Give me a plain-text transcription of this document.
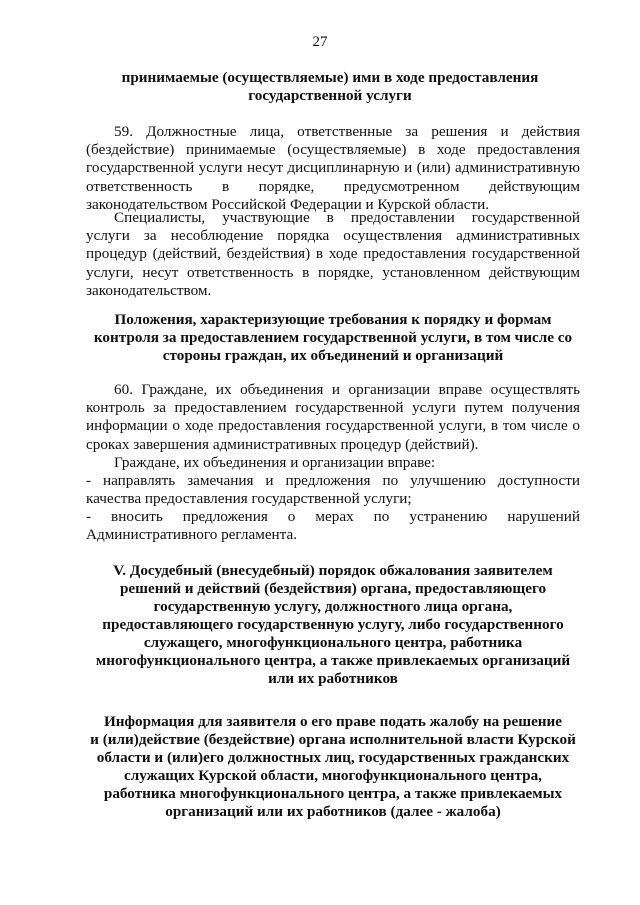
27
принимаемые (осуществляемые) ими в ходе предоставления
государственной услуги
59. Должностные лица, ответственные за решения и действия
(бездействие) принимаемые (осуществляемые) в ходе предоставления
государственной услуги несут дисциплинарную и (или) административную
ответственность в порядке, предусмотренном действующим
законодательством Российской Федерации и Курской области.
Специалисты, участвующие в предоставлении государственной
услуги за несоблюдение порядка осуществления административных
процедур (действий, бездействия) в ходе предоставления государственной
услуги, несут ответственность в порядке, установленном действующим
законодательством.
Положения, характеризующие требования к порядку и формам
контроля за предоставлением государственной услуги, в том числе со
стороны граждан, их объединений и организаций
60. Граждане, их объединения и организации вправе осуществлять
контроль за предоставлением государственной услуги путем получения
информации о ходе предоставления государственной услуги, в том числе о
сроках завершения административных процедур (действий).
Граждане, их объединения и организации вправе:
- направлять замечания и предложения по улучшению доступности
качества предоставления государственной услуги;
- вносить предложения о мерах по устранению нарушений
Административного регламента.
V. Досудебный (внесудебный) порядок обжалования заявителем
решений и действий (бездействия) органа, предоставляющего
государственную услугу, должностного лица органа,
предоставляющего государственную услугу, либо государственного
служащего, многофункционального центра, работника
многофункционального центра, а также привлекаемых организаций
или их работников
Информация для заявителя о его праве подать жалобу на решение
и (или)действие (бездействие) органа исполнительной власти Курской
области и (или)его должностных лиц, государственных гражданских
служащих Курской области, многофункционального центра,
работника многофункционального центра, а также привлекаемых
организаций или их работников (далее - жалоба)
